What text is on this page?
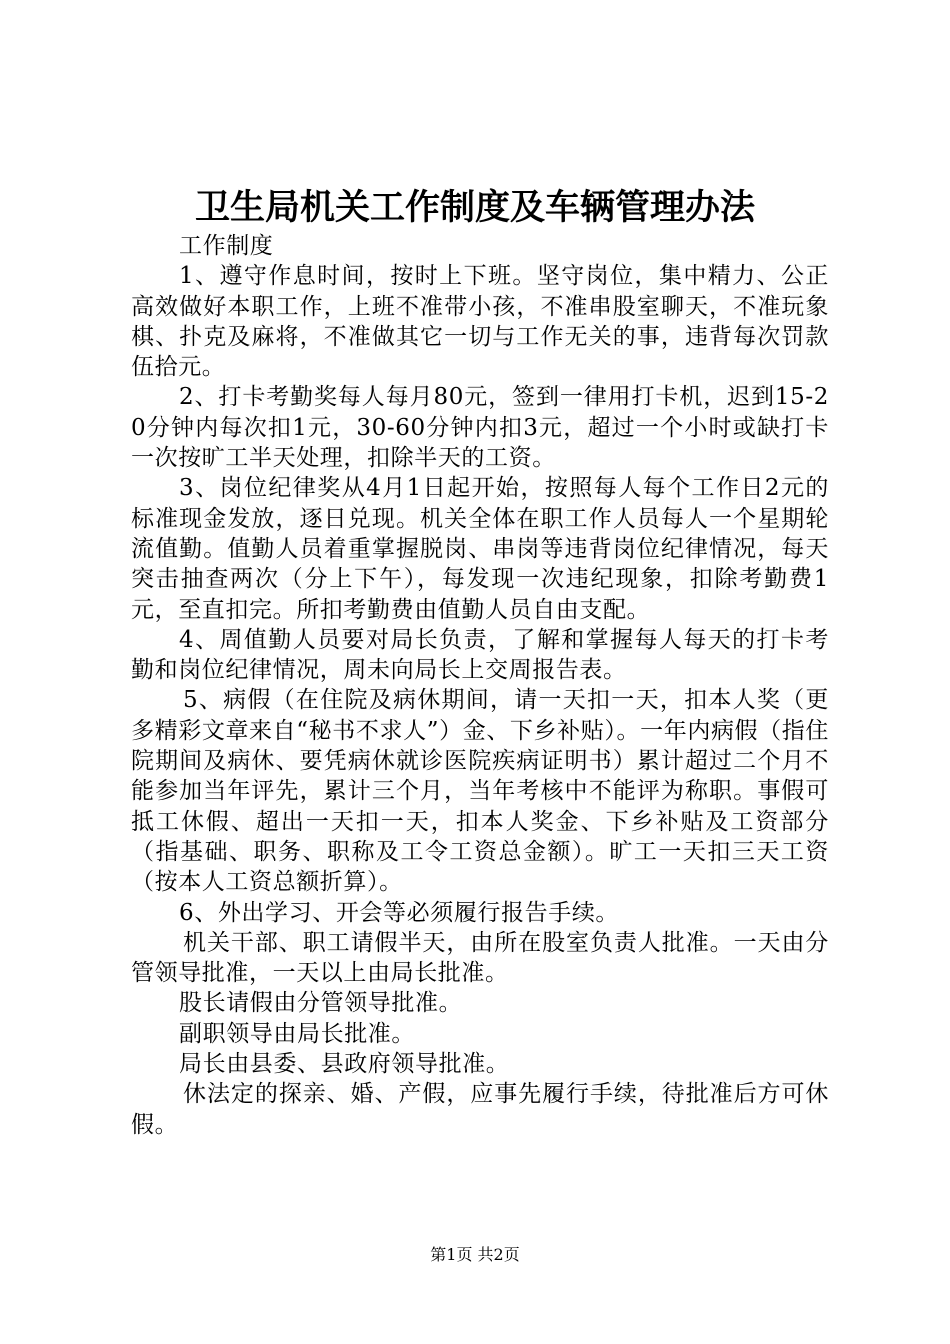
卫生局机关工作制度及车辆管理办法

工作制度

1、遵守作息时间，按时上下班。坚守岗位，集中精力、公正高效做好本职工作，上班不准带小孩，不准串股室聊天，不准玩象棋、扑克及麻将，不准做其它一切与工作无关的事，违背每次罚款伍拾元。

2、打卡考勤奖每人每月80元，签到一律用打卡机，迟到15-20分钟内每次扣1元，30-60分钟内扣3元，超过一个小时或缺打卡一次按旷工半天处理，扣除半天的工资。

3、岗位纪律奖从4月1日起开始，按照每人每个工作日2元的标准现金发放，逐日兑现。机关全体在职工作人员每人一个星期轮流值勤。值勤人员着重掌握脱岗、串岗等违背岗位纪律情况，每天突击抽查两次（分上下午），每发现一次违纪现象，扣除考勤费1元，至直扣完。所扣考勤费由值勤人员自由支配。

4、周值勤人员要对局长负责，了解和掌握每人每天的打卡考勤和岗位纪律情况，周未向局长上交周报告表。

5、病假（在住院及病休期间，请一天扣一天，扣本人奖（更多精彩文章来自“秘书不求人”）金、下乡补贴）。一年内病假（指住院期间及病休、要凭病休就诊医院疾病证明书）累计超过二个月不能参加当年评先，累计三个月，当年考核中不能评为称职。事假可抵工休假、超出一天扣一天，扣本人奖金、下乡补贴及工资部分（指基础、职务、职称及工令工资总金额）。旷工一天扣三天工资（按本人工资总额折算）。

6、外出学习、开会等必须履行报告手续。

机关干部、职工请假半天，由所在股室负责人批准。一天由分管领导批准，一天以上由局长批准。

股长请假由分管领导批准。

副职领导由局长批准。

局长由县委、县政府领导批准。

休法定的探亲、婚、产假，应事先履行手续，待批准后方可休假。

第1页 共2页
